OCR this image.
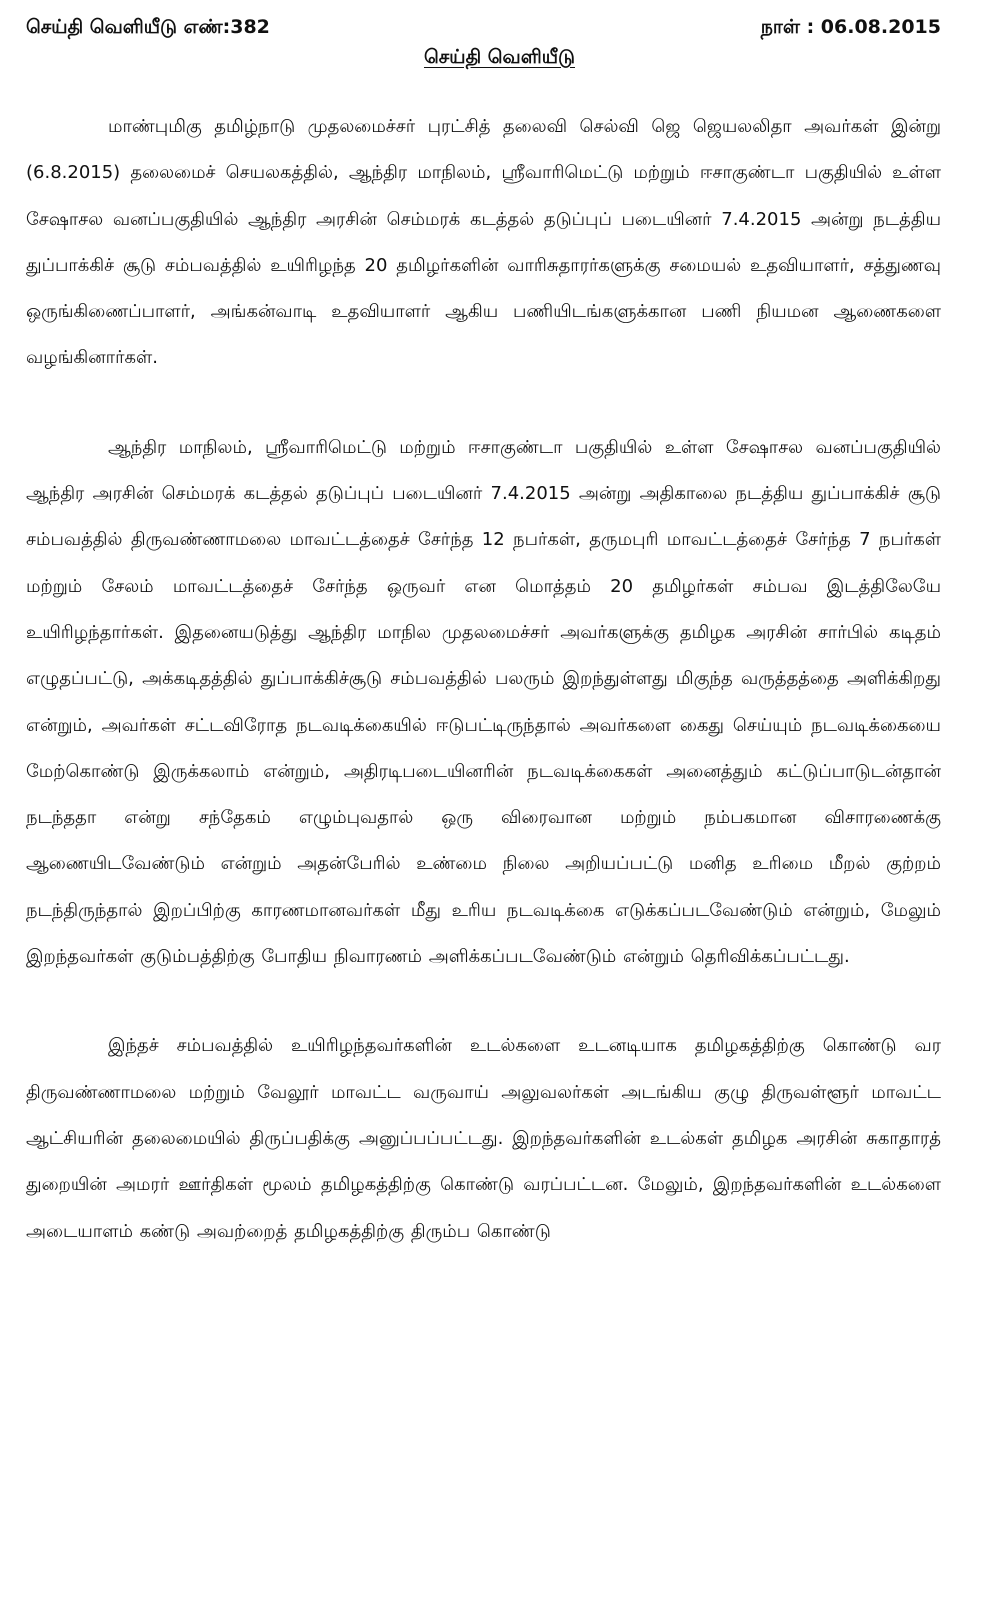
செய்தி வெளியீடு எண்:382	நாள் : 06.08.2015
செய்தி வெளியீடு

மாண்புமிகு தமிழ்நாடு முதலமைச்சர் புரட்சித் தலைவி செல்வி ஜெ ஜெயலலிதா அவர்கள் இன்று (6.8.2015) தலைமைச் செயலகத்தில், ஆந்திர மாநிலம், ஸ்ரீவாரிமெட்டு மற்றும் ஈசாகுண்டா பகுதியில் உள்ள சேஷாசல வனப்பகுதியில் ஆந்திர அரசின் செம்மரக் கடத்தல் தடுப்புப் படையினர் 7.4.2015 அன்று நடத்திய துப்பாக்கிச் சூடு சம்பவத்தில் உயிரிழந்த 20 தமிழர்களின் வாரிசுதாரர்களுக்கு சமையல் உதவியாளர், சத்துணவு ஒருங்கிணைப்பாளர், அங்கன்வாடி உதவியாளர் ஆகிய பணியிடங்களுக்கான பணி நியமன ஆணைகளை வழங்கினார்கள்.

ஆந்திர மாநிலம், ஸ்ரீவாரிமெட்டு மற்றும் ஈசாகுண்டா பகுதியில் உள்ள சேஷாசல வனப்பகுதியில் ஆந்திர அரசின் செம்மரக் கடத்தல் தடுப்புப் படையினர் 7.4.2015 அன்று அதிகாலை நடத்திய துப்பாக்கிச் சூடு சம்பவத்தில் திருவண்ணாமலை மாவட்டத்தைச் சேர்ந்த 12 நபர்கள், தருமபுரி மாவட்டத்தைச் சேர்ந்த 7 நபர்கள் மற்றும் சேலம் மாவட்டத்தைச் சேர்ந்த ஒருவர் என மொத்தம் 20 தமிழர்கள் சம்பவ இடத்திலேயே உயிரிழந்தார்கள். இதனையடுத்து ஆந்திர மாநில முதலமைச்சர் அவர்களுக்கு தமிழக அரசின் சார்பில் கடிதம் எழுதப்பட்டு, அக்கடிதத்தில் துப்பாக்கிச்சூடு சம்பவத்தில் பலரும் இறந்துள்ளது மிகுந்த வருத்தத்தை அளிக்கிறது என்றும், அவர்கள் சட்டவிரோத நடவடிக்கையில் ஈடுபட்டிருந்தால் அவர்களை கைது செய்யும் நடவடிக்கையை மேற்கொண்டு இருக்கலாம் என்றும், அதிரடிபடையினரின் நடவடிக்கைகள் அனைத்தும் கட்டுப்பாடுடன்தான் நடந்ததா என்று சந்தேகம் எழும்புவதால் ஒரு விரைவான மற்றும் நம்பகமான விசாரணைக்கு ஆணையிடவேண்டும் என்றும் அதன்பேரில் உண்மை நிலை அறியப்பட்டு மனித உரிமை மீறல் குற்றம் நடந்திருந்தால் இறப்பிற்கு காரணமானவர்கள் மீது உரிய நடவடிக்கை எடுக்கப்படவேண்டும் என்றும், மேலும் இறந்தவர்கள் குடும்பத்திற்கு போதிய நிவாரணம் அளிக்கப்படவேண்டும் என்றும் தெரிவிக்கப்பட்டது.

இந்தச் சம்பவத்தில் உயிரிழந்தவர்களின் உடல்களை உடனடியாக தமிழகத்திற்கு கொண்டு வர திருவண்ணாமலை மற்றும் வேலூர் மாவட்ட வருவாய் அலுவலர்கள் அடங்கிய குழு திருவள்ளூர் மாவட்ட ஆட்சியரின் தலைமையில் திருப்பதிக்கு அனுப்பப்பட்டது. இறந்தவர்களின் உடல்கள் தமிழக அரசின் சுகாதாரத் துறையின் அமரர் ஊர்திகள் மூலம் தமிழகத்திற்கு கொண்டு வரப்பட்டன. மேலும், இறந்தவர்களின் உடல்களை அடையாளம் கண்டு அவற்றைத் தமிழகத்திற்கு திரும்ப கொண்டு
